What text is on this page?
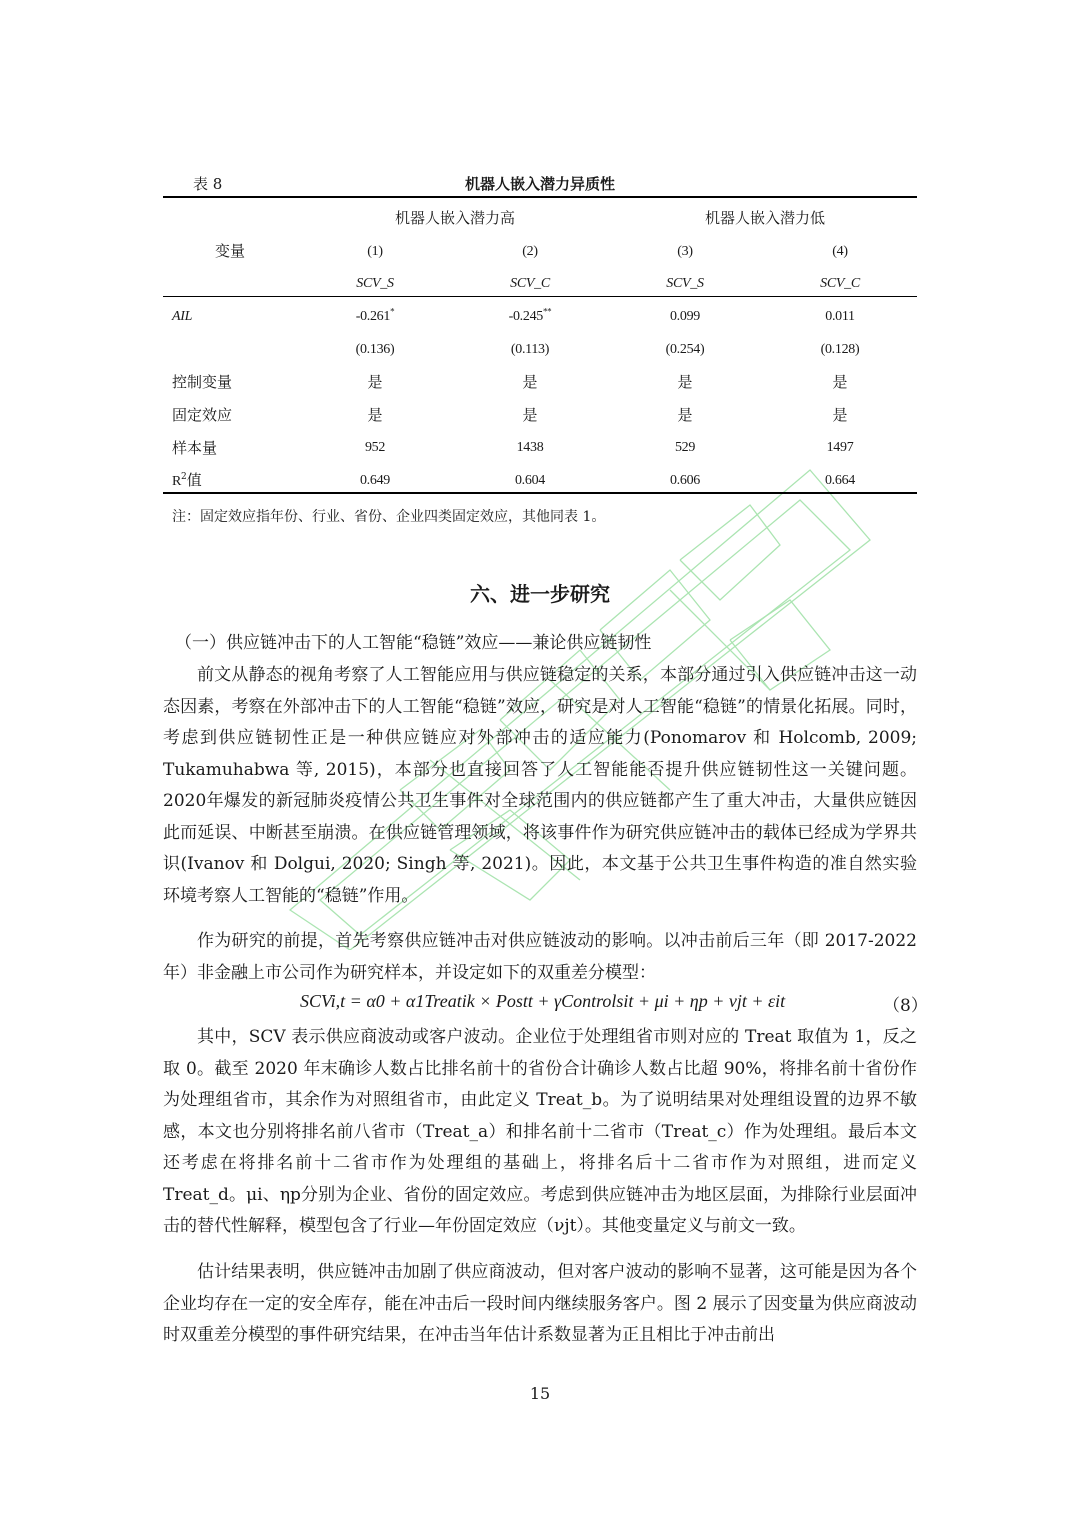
表 8	机器人嵌入潜力异质性
机器人嵌入潜力高	机器人嵌入潜力低
变量	(1)	(2)	(3)	(4)
SCV_S	SCV_C	SCV_S	SCV_C
AIL	-0.261*	-0.245**	0.099	0.011
(0.136)	(0.113)	(0.254)	(0.128)
控制变量	是	是	是	是
固定效应	是	是	是	是
样本量	952	1438	529	1497
$R^2$值	0.649	0.604	0.606	0.664
注：固定效应指年份、行业、省份、企业四类固定效应，其他同表 1。
六、进一步研究
（一）供应链冲击下的人工智能“稳链”效应——兼论供应链韧性
前文从静态的视角考察了人工智能应用与供应链稳定的关系，本部分通过引入供应链冲击这一动态因素，考察在外部冲击下的人工智能“稳链”效应，研究是对人工智能“稳链”的情景化拓展。同时，考虑到供应链韧性正是一种供应链应对外部冲击的适应能力(Ponomarov 和 Holcomb, 2009; Tukamuhabwa 等, 2015)，本部分也直接回答了人工智能能否提升供应链韧性这一关键问题。2020年爆发的新冠肺炎疫情公共卫生事件对全球范围内的供应链都产生了重大冲击，大量供应链因此而延误、中断甚至崩溃。在供应链管理领域，将该事件作为研究供应链冲击的载体已经成为学界共识(Ivanov 和 Dolgui, 2020; Singh 等, 2021)。因此，本文基于公共卫生事件构造的准自然实验环境考察人工智能的“稳链”作用。
作为研究的前提，首先考察供应链冲击对供应链波动的影响。以冲击前后三年（即 2017-2022 年）非金融上市公司作为研究样本，并设定如下的双重差分模型：
SCVi,t = α0 + α1Treatik × Postt + γControlsit + μi + ηp + νjt + εit	（8）
其中，SCV 表示供应商波动或客户波动。企业位于处理组省市则对应的 Treat 取值为 1，反之取 0。截至 2020 年末确诊人数占比排名前十的省份合计确诊人数占比超 90%，将排名前十省份作为处理组省市，其余作为对照组省市，由此定义 Treat_b。为了说明结果对处理组设置的边界不敏感，本文也分别将排名前八省市（Treat_a）和排名前十二省市（Treat_c）作为处理组。最后本文还考虑在将排名前十二省市作为处理组的基础上，将排名后十二省市作为对照组，进而定义 Treat_d。μi、ηp分别为企业、省份的固定效应。考虑到供应链冲击为地区层面，为排除行业层面冲击的替代性解释，模型包含了行业—年份固定效应（νjt）。其他变量定义与前文一致。
估计结果表明，供应链冲击加剧了供应商波动，但对客户波动的影响不显著，这可能是因为各个企业均存在一定的安全库存，能在冲击后一段时间内继续服务客户。图 2 展示了因变量为供应商波动时双重差分模型的事件研究结果，在冲击当年估计系数显著为正且相比于冲击前出
15
